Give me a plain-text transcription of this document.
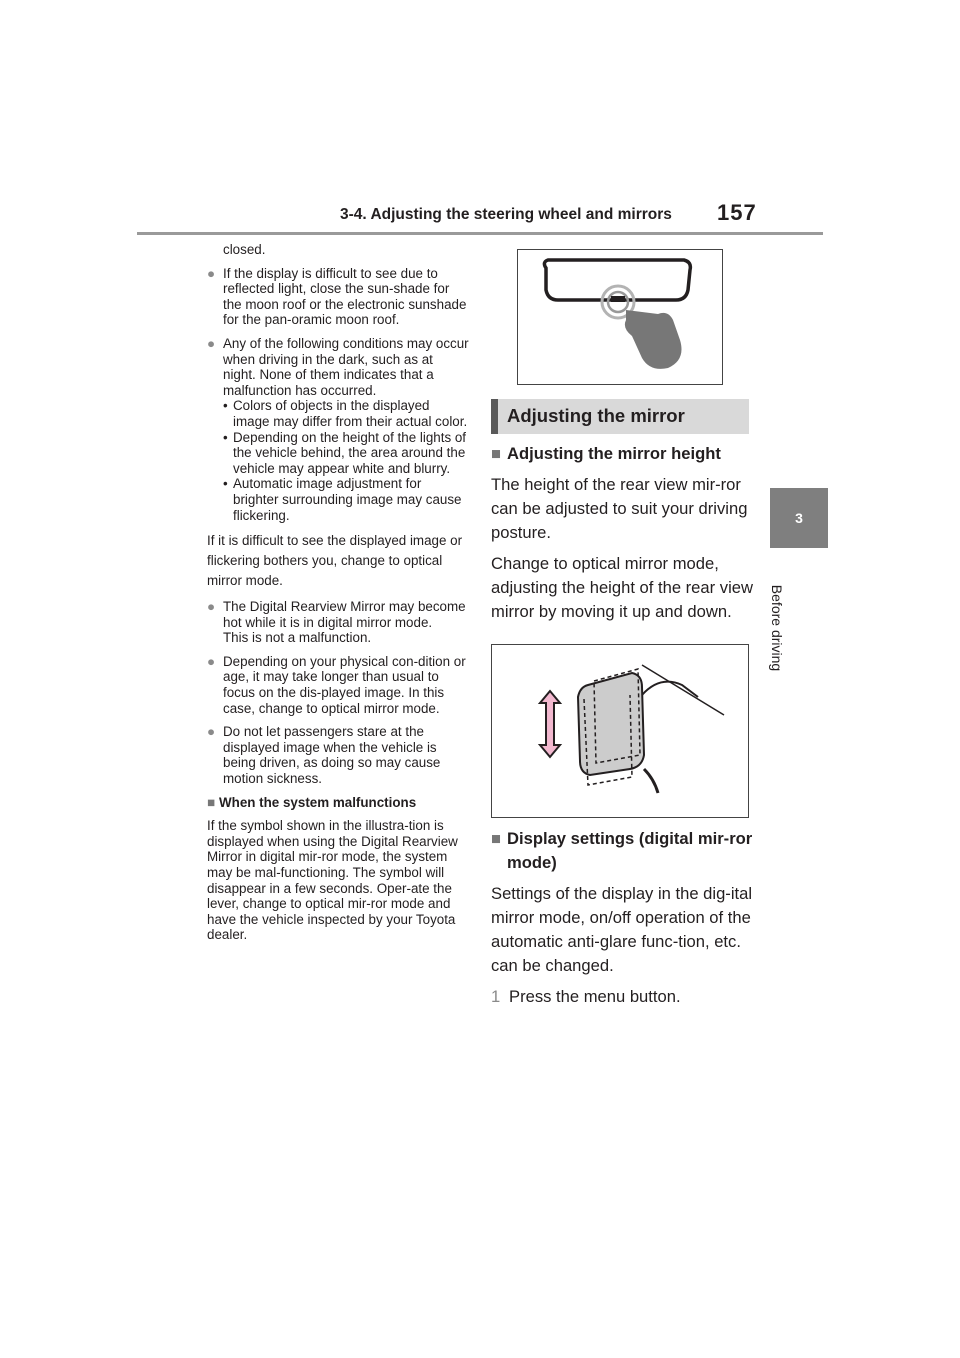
3-4. Adjusting the steering wheel and mirrors 157
3
Before driving

closed.

● If the display is difficult to see due to reflected light, close the sun-shade for the moon roof or the electronic sunshade for the pan-oramic moon roof.

● Any of the following conditions may occur when driving in the dark, such as at night. None of them indicates that a malfunction has occurred.

• Colors of objects in the displayed image may differ from their actual color.

• Depending on the height of the lights of the vehicle behind, the area around the vehicle may appear white and blurry.

• Automatic image adjustment for brighter surrounding image may cause flickering.

If it is difficult to see the displayed image or flickering bothers you, change to optical mirror mode.

● The Digital Rearview Mirror may become hot while it is in digital mirror mode.
This is not a malfunction.

● Depending on your physical con-dition or age, it may take longer than usual to focus on the dis-played image. In this case, change to optical mirror mode.

● Do not let passengers stare at the displayed image when the vehicle is being driven, as doing so may cause motion sickness.

■ When the system malfunctions

If the symbol shown in the illustra-tion is displayed when using the Digital Rearview Mirror in digital mir-ror mode, the system may be mal-functioning. The symbol will disappear in a few seconds. Oper-ate the lever, change to optical mir-ror mode and have the vehicle inspected by your Toyota dealer.

Adjusting the mirror

■ Adjusting the mirror height

The height of the rear view mir-ror can be adjusted to suit your driving posture.

Change to optical mirror mode, adjusting the height of the rear view mirror by moving it up and down.

■ Display settings (digital mir-ror mode)

Settings of the display in the dig-ital mirror mode, on/off operation of the automatic anti-glare func-tion, etc. can be changed.

1 Press the menu button.
